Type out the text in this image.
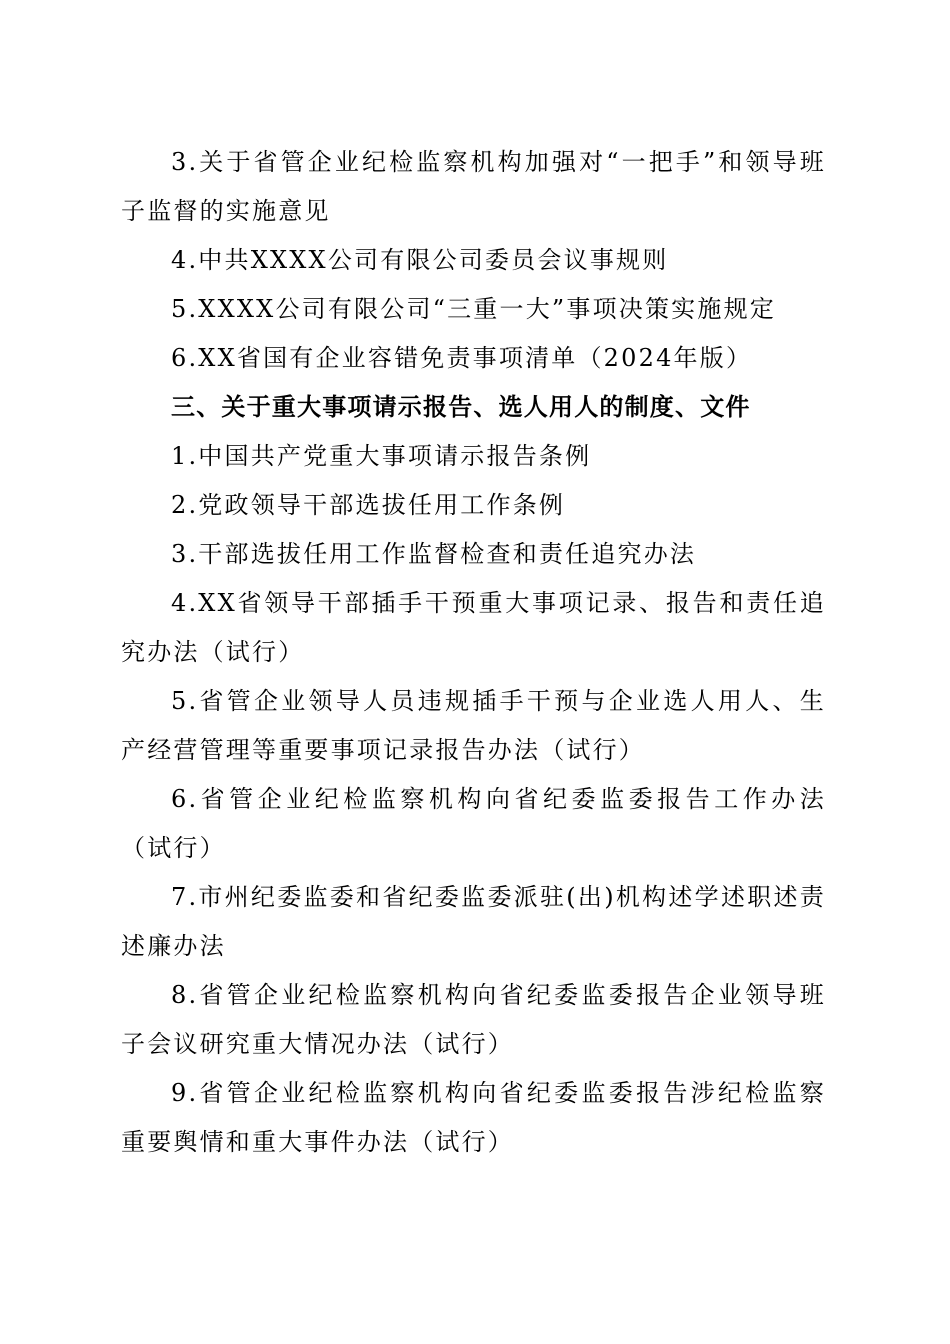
3.关于省管企业纪检监察机构加强对“一把手”和领导班子监督的实施意见

4.中共XXXX公司有限公司委员会议事规则

5.XXXX公司有限公司“三重一大”事项决策实施规定

6.XX省国有企业容错免责事项清单（2024年版）

三、关于重大事项请示报告、选人用人的制度、文件

1.中国共产党重大事项请示报告条例

2.党政领导干部选拔任用工作条例

3.干部选拔任用工作监督检查和责任追究办法

4.XX省领导干部插手干预重大事项记录、报告和责任追究办法（试行）

5.省管企业领导人员违规插手干预与企业选人用人、生产经营管理等重要事项记录报告办法（试行）

6.省管企业纪检监察机构向省纪委监委报告工作办法（试行）

7.市州纪委监委和省纪委监委派驻(出)机构述学述职述责述廉办法

8.省管企业纪检监察机构向省纪委监委报告企业领导班子会议研究重大情况办法（试行）

9.省管企业纪检监察机构向省纪委监委报告涉纪检监察重要舆情和重大事件办法（试行）
